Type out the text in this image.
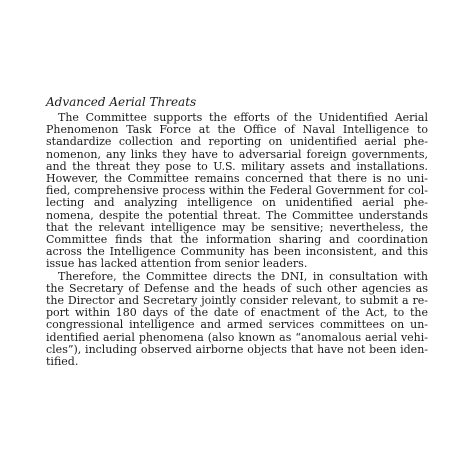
Advanced Aerial Threats
The Committee supports the efforts of the Unidentified Aerial
Phenomenon Task Force at the Office of Naval Intelligence to
standardize collection and reporting on unidentified aerial phe-
nomenon, any links they have to adversarial foreign governments,
and the threat they pose to U.S. military assets and installations.
However, the Committee remains concerned that there is no uni-
fied, comprehensive process within the Federal Government for col-
lecting and analyzing intelligence on unidentified aerial phe-
nomena, despite the potential threat. The Committee understands
that the relevant intelligence may be sensitive; nevertheless, the
Committee finds that the information sharing and coordination
across the Intelligence Community has been inconsistent, and this
issue has lacked attention from senior leaders.
Therefore, the Committee directs the DNI, in consultation with
the Secretary of Defense and the heads of such other agencies as
the Director and Secretary jointly consider relevant, to submit a re-
port within 180 days of the date of enactment of the Act, to the
congressional intelligence and armed services committees on un-
identified aerial phenomena (also known as “anomalous aerial vehi-
cles”), including observed airborne objects that have not been iden-
tified.
